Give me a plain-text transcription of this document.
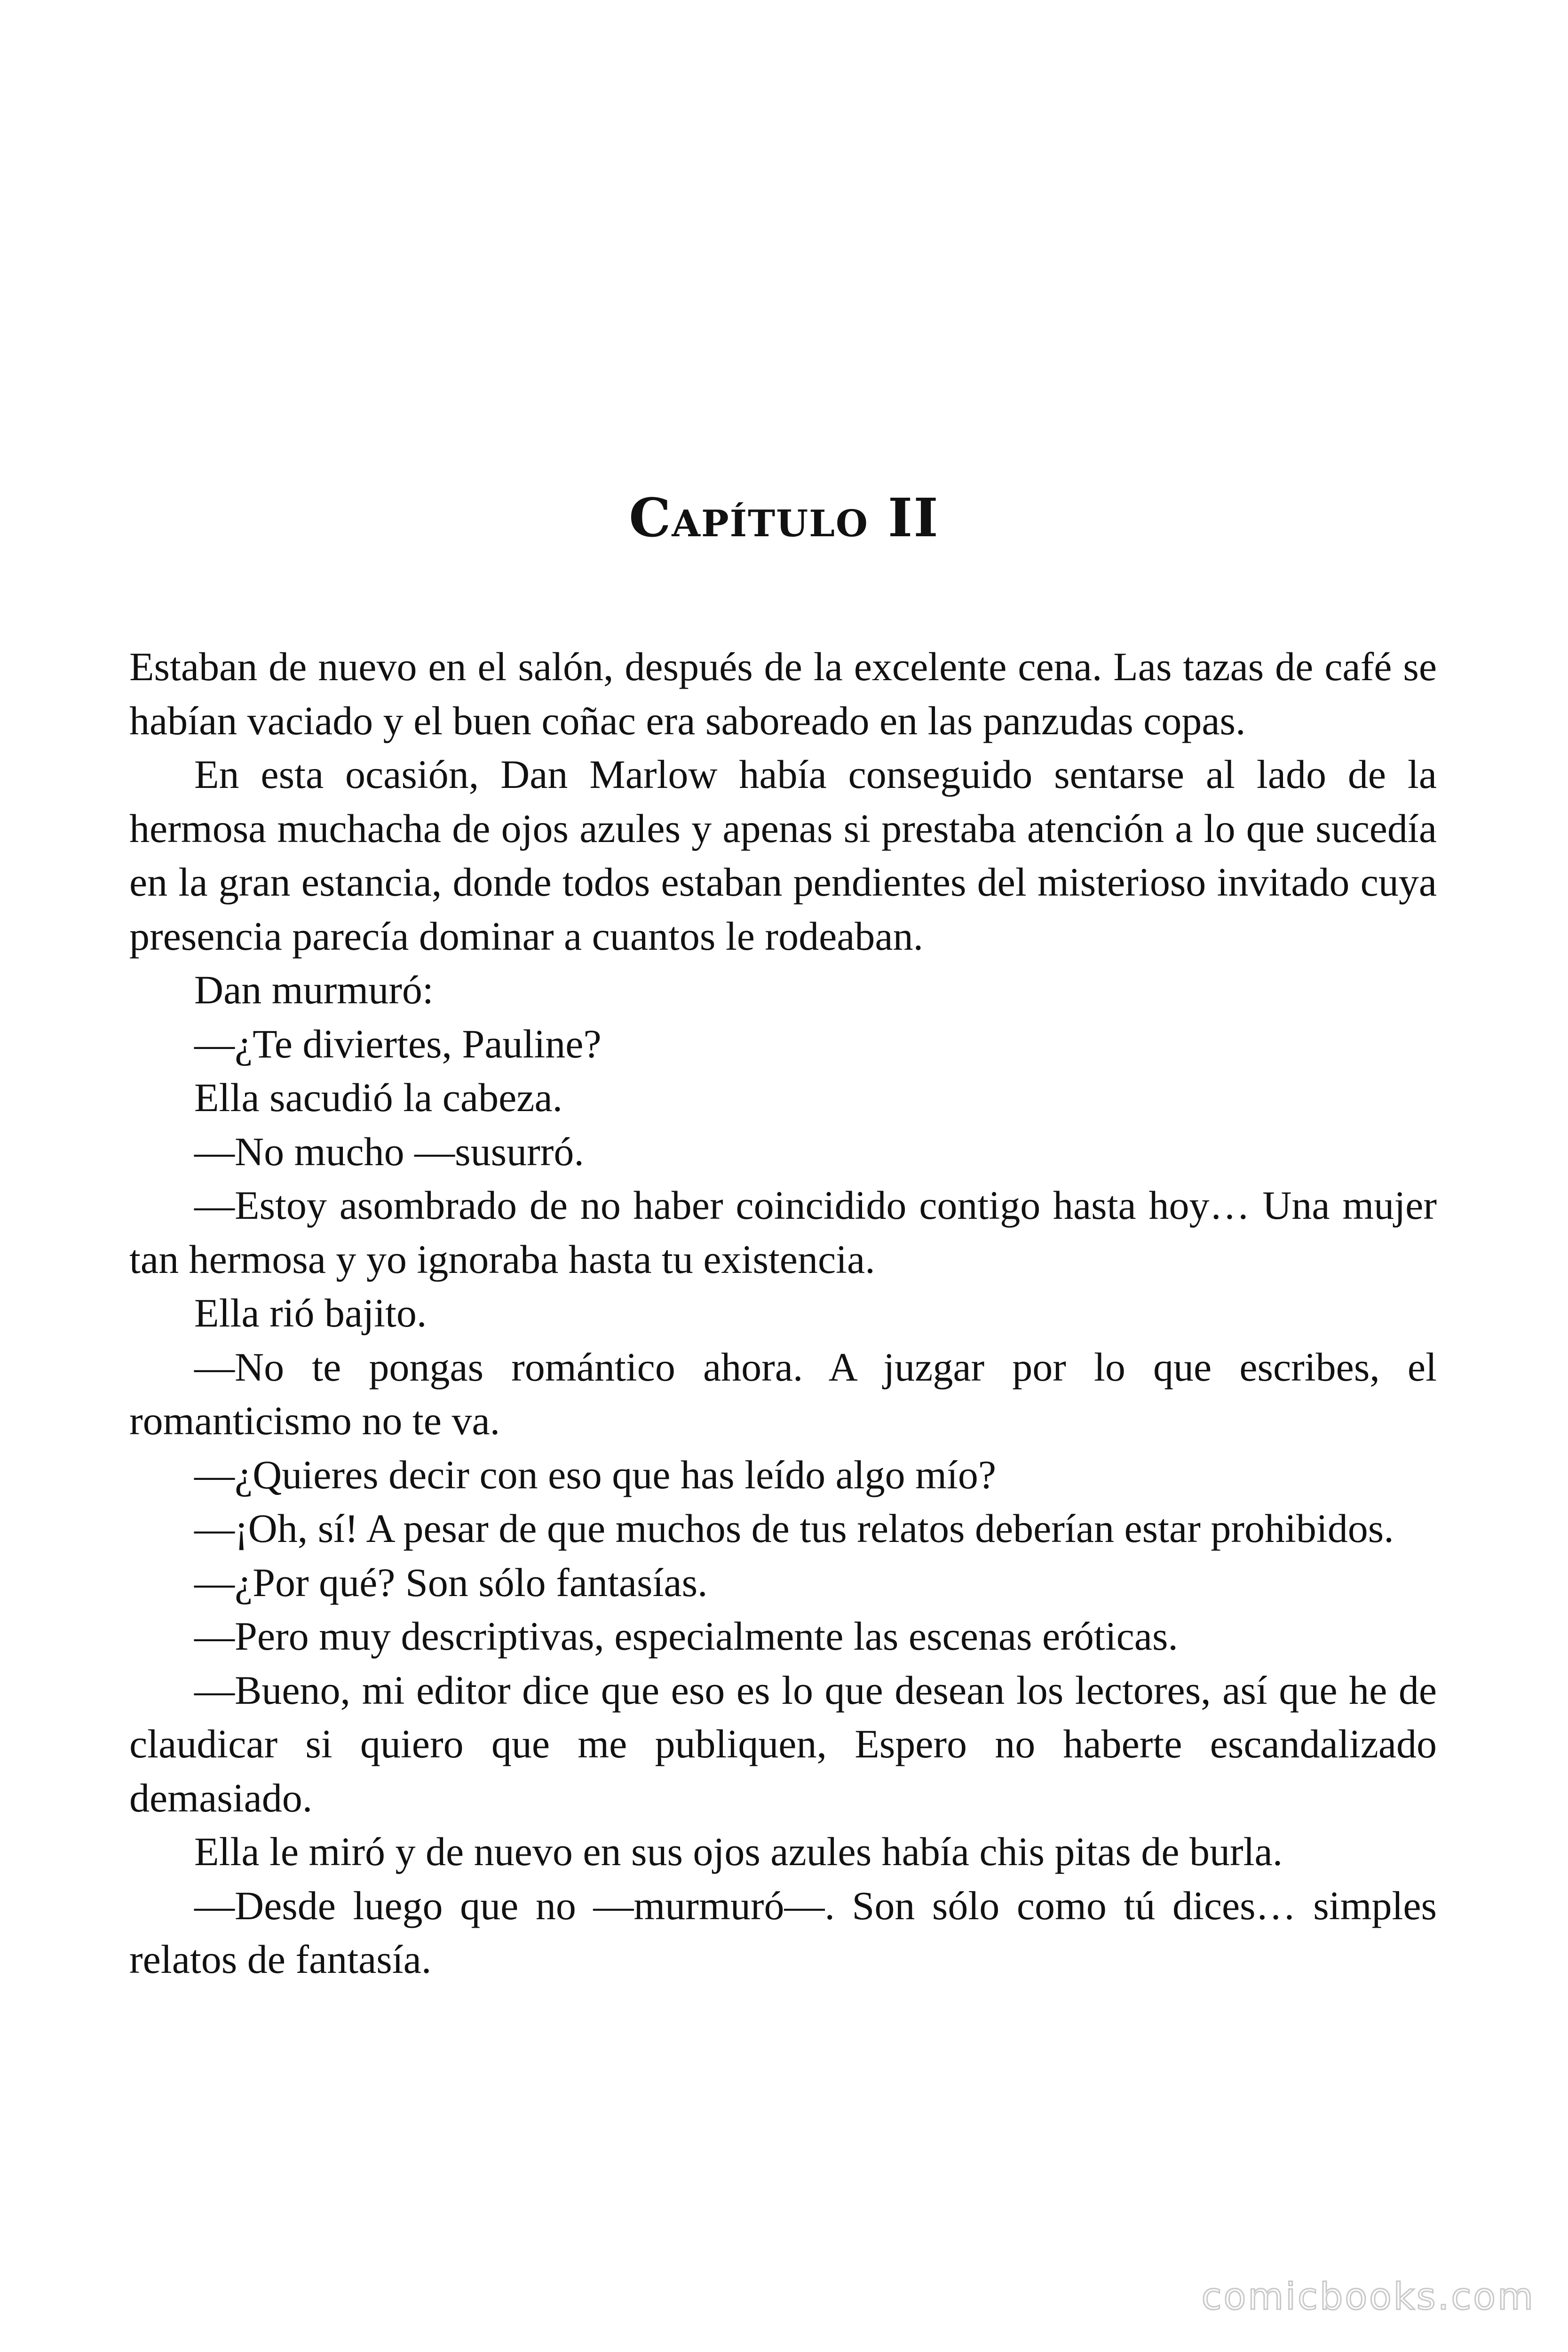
Capítulo II

Estaban de nuevo en el salón, después de la excelente cena. Las tazas de café se habían vaciado y el buen coñac era saboreado en las panzudas copas.

En esta ocasión, Dan Marlow había conseguido sentarse al lado de la hermosa muchacha de ojos azules y apenas si prestaba atención a lo que sucedía en la gran estancia, donde todos estaban pendientes del misterioso invitado cuya presencia parecía dominar a cuantos le rodeaban.

Dan murmuró:

—¿Te diviertes, Pauline?

Ella sacudió la cabeza.

—No mucho —susurró.

—Estoy asombrado de no haber coincidido contigo hasta hoy… Una mujer tan hermosa y yo ignoraba hasta tu existencia.

Ella rió bajito.

—No te pongas romántico ahora. A juzgar por lo que escribes, el romanticismo no te va.

—¿Quieres decir con eso que has leído algo mío?

—¡Oh, sí! A pesar de que muchos de tus relatos deberían estar prohibidos.

—¿Por qué? Son sólo fantasías.

—Pero muy descriptivas, especialmente las escenas eróticas.

—Bueno, mi editor dice que eso es lo que desean los lectores, así que he de claudicar si quiero que me publiquen, Espero no haberte escandalizado demasiado.

Ella le miró y de nuevo en sus ojos azules había chis pitas de burla.

—Desde luego que no —murmuró—. Son sólo como tú dices… simples relatos de fantasía.

comicbooks.com
